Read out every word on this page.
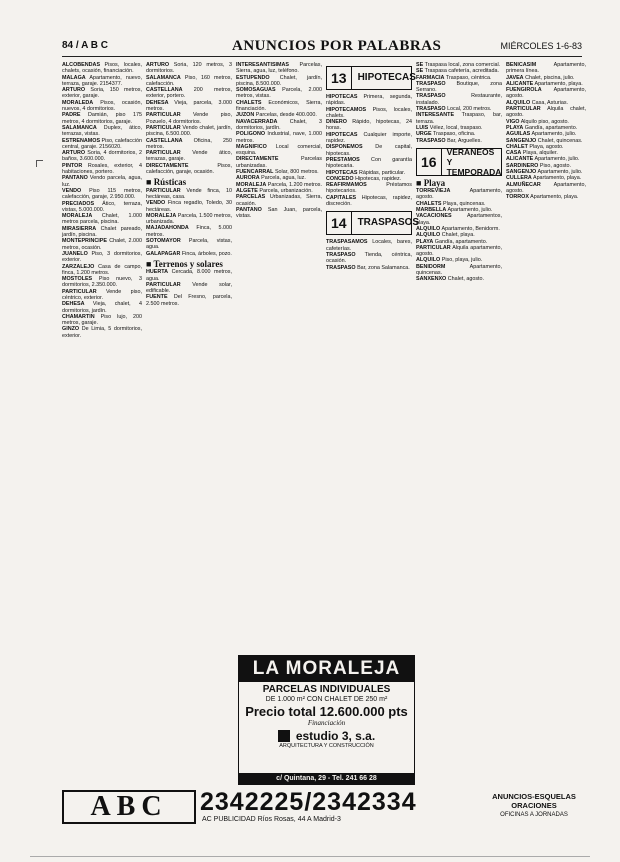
84 / A B C	ANUNCIOS POR PALABRAS	MIÉRCOLES 1-6-83

ALCOBENDAS Pisos, locales, chalets, ocasión, financiación.

MALAGA Apartamento, nuevo, terraza, garaje. 2154377.

ARTURO Soria, 150 metros, exterior, garaje.

MORALEDA Pisos, ocasión, nuevos, 4 dormitorios.

PADRE Damián, piso 175 metros, 4 dormitorios, garaje.

SALAMANCA Duplex, ático, terrazas, vistas.

ESTRENAMOS Piso, calefacción central, garaje. 2156020.

ARTURO Soria, 4 dormitorios, 2 baños, 3.600.000.

PINTOR Rosales, exterior, 4 habitaciones, portero.

PANTANO Vendo parcela, agua, luz.

VENDO Piso 115 metros, calefacción, garaje, 2.950.000.

PRECIADOS Ático, terraza, vistas, 5.000.000.

MORALEJA Chalet, 1.000 metros parcela, piscina.

MIRASIERRA Chalet pareado, jardín, piscina.

MONTEPRINCIPE Chalet, 2.000 metros, ocasión.

JUANELO Piso, 3 dormitorios, exterior.

ZARZALEJO Casa de campo, finca, 1.200 metros.

MOSTOLES Piso nuevo, 3 dormitorios, 2.350.000.

PARTICULAR Vende piso, céntrico, exterior.

DEHESA Vieja, chalet, 4 dormitorios, jardín.

CHAMARTIN Piso lujo, 200 metros, garaje.

GINZO De Limia, 5 dormitorios, exterior.

ARTURO Soria, 120 metros, 3 dormitorios.

SALAMANCA Piso, 160 metros, calefacción.

CASTELLANA 200 metros, exterior, portero.

DEHESA Vieja, parcela, 3.000 metros.

PARTICULAR Vende piso, Pozuelo, 4 dormitorios.

PARTICULAR Vendo chalet, jardín, piscina, 6.500.000.

CASTELLANA Oficina, 250 metros.

PARTICULAR Vende ático, terrazas, garaje.

DIRECTAMENTE	Pisos, calefacción, garaje, ocasión.

■ Rústicas

PARTICULAR Vende finca, 10 hectáreas, casa.

VENDO Finca regadío, Toledo, 30 hectáreas.

MORALEJA Parcela, 1.500 metros, urbanizada.

MAJADAHONDA Finca, 5.000 metros.

SOTOMAYOR Parcela, vistas, agua.

GALAPAGAR Finca, árboles, pozo.

■ Terrenos y solares

HUERTA Cercada, 8.000 metros, agua.

PARTICULAR Vende solar, edificable.

FUENTE Del Fresno, parcela, 2.500 metros.

INTERESANTISIMAS Parcelas, Sierra, agua, luz, teléfono.

ESTUPENDO Chalet, jardín, piscina, 8.500.000.

SOMOSAGUAS Parcela, 2.000 metros, vistas.

CHALETS Económicos, Sierra, financiación.

JUZON Parcelas, desde 400.000.

NAVACERRADA Chalet, 3 dormitorios, jardín.

POLIGONO Industrial, nave, 1.000 metros.

MAGNIFICO Local comercial, esquina.

DIRECTAMENTE	Parcelas urbanizadas.

FUENCARRAL Solar, 800 metros.

AURORA Parcela, agua, luz.

MORALEJA Parcela, 1.200 metros.

ALGETE Parcela, urbanización.

PARCELAS Urbanizadas, Sierra, ocasión.

PANTANO San Juan, parcela, vistas.

13	HIPOTECAS

HIPOTECAS Primera, segunda, rápidas.

HIPOTECAMOS Pisos, locales, chalets.

DINERO Rápido, hipotecas, 24 horas.

HIPOTECAS Cualquier importe, rapidez.

DISPONEMOS De capital, hipotecas.

PRESTAMOS Con garantía hipotecaria.

HIPOTECAS Rápidas, particular.

CONCEDO Hipotecas, rapidez.

REAFIRMAMOS	Préstamos hipotecarios.

CAPITALES Hipotecas, rapidez, discreción.

14	TRASPASOS

TRASPASAMOS Locales, bares, cafeterías.

TRASPASO Tienda, céntrica, ocasión.

TRASPASO Bar, zona Salamanca.

SE Traspasa local, zona comercial.

SE Traspasa cafetería, acreditada.

FARMACIA Traspaso, céntrica.

TRASPASO Boutique, zona Serrano.

TRASPASO	Restaurante, instalado.

TRASPASO Local, 200 metros.

INTERESANTE Traspaso, bar, terraza.

LUIS Vélez, local, traspaso.

URGE Traspaso, oficina.

TRASPASO Bar, Arguelles.

16
VERANEOS
Y TEMPORADA
■ Playa

TORREVIEJA	Apartamento, agosto.

CHALETS Playa, quincenas.

MARBELLA Apartamento, julio.

VACACIONES	Apartamentos, playa.

ALQUILO Apartamento, Benidorm.

ALQUILO Chalet, playa.

PLAYA Gandía, apartamento.

PARTICULAR Alquila apartamento, agosto.

ALQUILO Piso, playa, julio.

BENIDORM	Apartamento, quincenas.

SANXENXO Chalet, agosto.

BENICASIM	Apartamento, primera línea.

JAVEA Chalet, piscina, julio.

ALICANTE Apartamento, playa.

FUENGIROLA Apartamento, agosto.

ALQUILO Casa, Asturias.

PARTICULAR Alquila chalet, agosto.

VIGO Alquilo piso, agosto.

PLAYA Gandía, apartamento.

AGUILAS Apartamento, julio.

SANGENJO Chalet, quincenas.

CHALET Playa, agosto.

CASA Playa, alquiler.

ALICANTE Apartamento, julio.

SARDINERO Piso, agosto.

SANGENJO Apartamento, julio.

CULLERA Apartamento, playa.

ALMUÑECAR Apartamento, agosto.

TORROX Apartamento, playa.

LA MORALEJA
PARCELAS INDIVIDUALES
DE 1.000 m² CON CHALET DE 250 m²
Precio total 12.600.000 pts
Financiación
estudio 3, s.a.
ARQUITECTURA Y CONSTRUCCIÓN
c/ Quintana, 29 - Tel. 241 66 28
ABC	2342225/2342334
AC PUBLICIDAD Ríos Rosas, 44 A Madrid-3
ANUNCIOS-ESQUELAS ORACIONES
OFICINAS A JORNADAS
